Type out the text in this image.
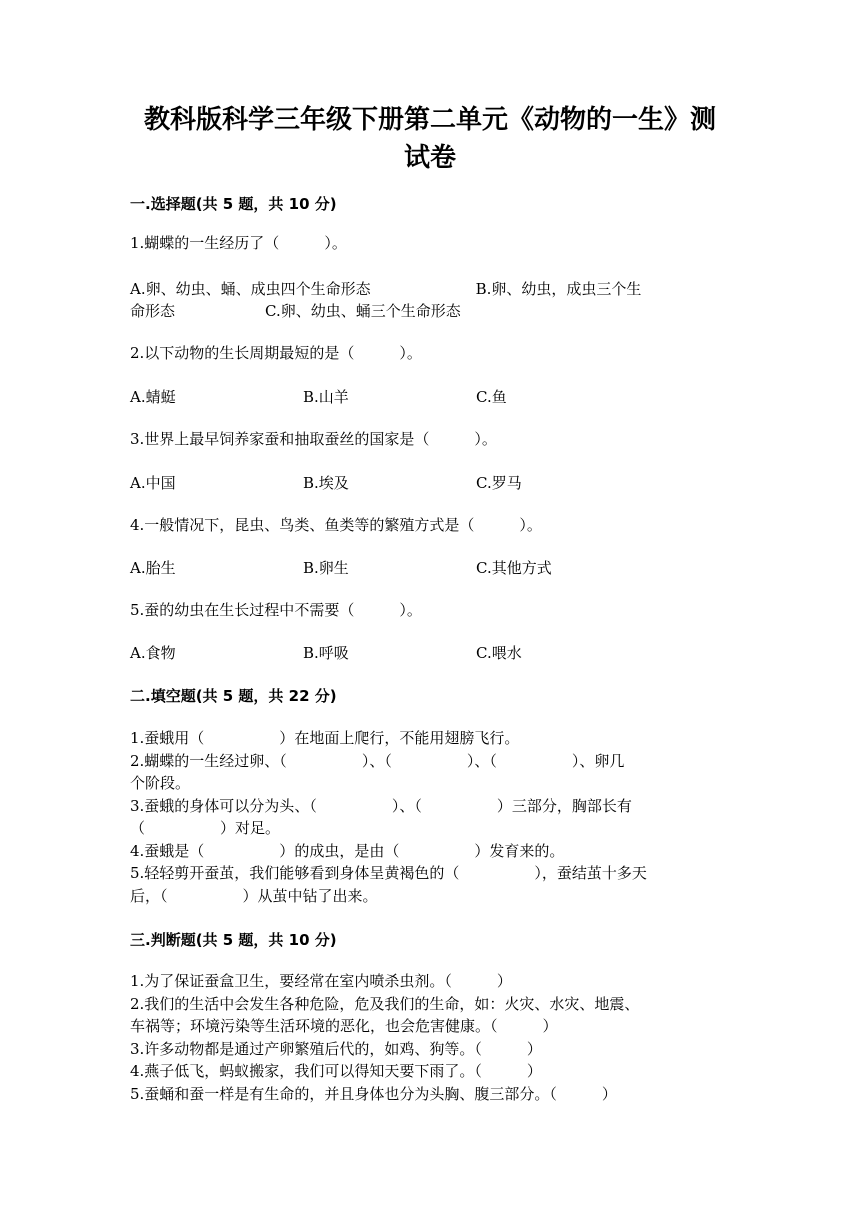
教科版科学三年级下册第二单元《动物的一生》测
试卷
一.选择题(共 5 题，共 10 分)
1.蝴蝶的一生经历了（　　　）。
A.卵、幼虫、蛹、成虫四个生命形态　　　　　　　B.卵、幼虫，成虫三个生
命形态　　　　　　C.卵、幼虫、蛹三个生命形态
2.以下动物的生长周期最短的是（　　　）。
A.蜻蜓	B.山羊	C.鱼
3.世界上最早饲养家蚕和抽取蚕丝的国家是（　　　）。
A.中国	B.埃及	C.罗马
4.一般情况下，昆虫、鸟类、鱼类等的繁殖方式是（　　　）。
A.胎生	B.卵生	C.其他方式
5.蚕的幼虫在生长过程中不需要（　　　）。
A.食物	B.呼吸	C.喂水
二.填空题(共 5 题，共 22 分)
1.蚕蛾用（　　　　　）在地面上爬行，不能用翅膀飞行。
2.蝴蝶的一生经过卵、（　　　　　）、（　　　　　）、（　　　　　）、卵几
个阶段。
3.蚕蛾的身体可以分为头、（　　　　　）、（　　　　　）三部分，胸部长有
（　　　　　）对足。
4.蚕蛾是（　　　　　）的成虫，是由（　　　　　）发育来的。
5.轻轻剪开蚕茧，我们能够看到身体呈黄褐色的（　　　　　），蚕结茧十多天
后，（　　　　　）从茧中钻了出来。
三.判断题(共 5 题，共 10 分)
1.为了保证蚕盒卫生，要经常在室内喷杀虫剂。（　　　）
2.我们的生活中会发生各种危险，危及我们的生命，如：火灾、水灾、地震、
车祸等；环境污染等生活环境的恶化，也会危害健康。（　　　）
3.许多动物都是通过产卵繁殖后代的，如鸡、狗等。（　　　）
4.燕子低飞，蚂蚁搬家，我们可以得知天要下雨了。（　　　）
5.蚕蛹和蚕一样是有生命的，并且身体也分为头胸、腹三部分。（　　　）
